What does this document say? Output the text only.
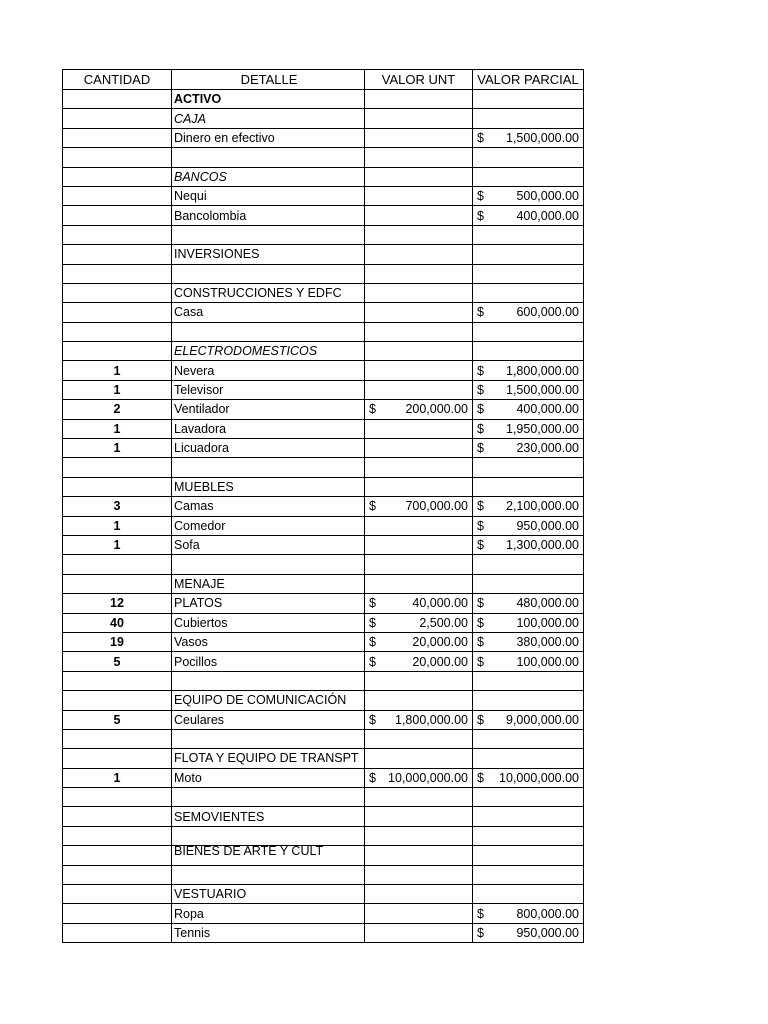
CANTIDAD	DETALLE	VALOR UNT	VALOR PARCIAL
	ACTIVO		
	CAJA		
	Dinero en efectivo		$ 1,500,000.00

	BANCOS		
	Nequi		$ 500,000.00

	Bancolombia		$ 400,000.00

	INVERSIONES		

	CONSTRUCCIONES Y EDFC		
	Casa		$ 600,000.00

	ELECTRODOMESTICOS		
1	Nevera		$ 1,800,000.00

1	Televisor		$ 1,500,000.00

2	Ventilador	$ 200,000.00	$ 400,000.00

1	Lavadora		$ 1,950,000.00

1	Licuadora		$ 230,000.00

	MUEBLES		
3	Camas	$ 700,000.00	$ 2,100,000.00

1	Comedor		$ 950,000.00

1	Sofa		$ 1,300,000.00

	MENAJE		
12	PLATOS	$ 40,000.00	$ 480,000.00

40	Cubiertos	$ 2,500.00	$ 100,000.00

19	Vasos	$ 20,000.00	$ 380,000.00

5	Pocillos	$ 20,000.00	$ 100,000.00

	EQUIPO DE COMUNICACIÓN		
5	Ceulares	$ 1,800,000.00	$ 9,000,000.00

	FLOTA Y EQUIPO DE TRANSPT		
1	Moto	$ 10,000,000.00	$ 10,000,000.00

	SEMOVIENTES		

	BIENES DE ARTE Y CULT		

	VESTUARIO		
	Ropa		$ 800,000.00

	Tennis		$ 950,000.00
